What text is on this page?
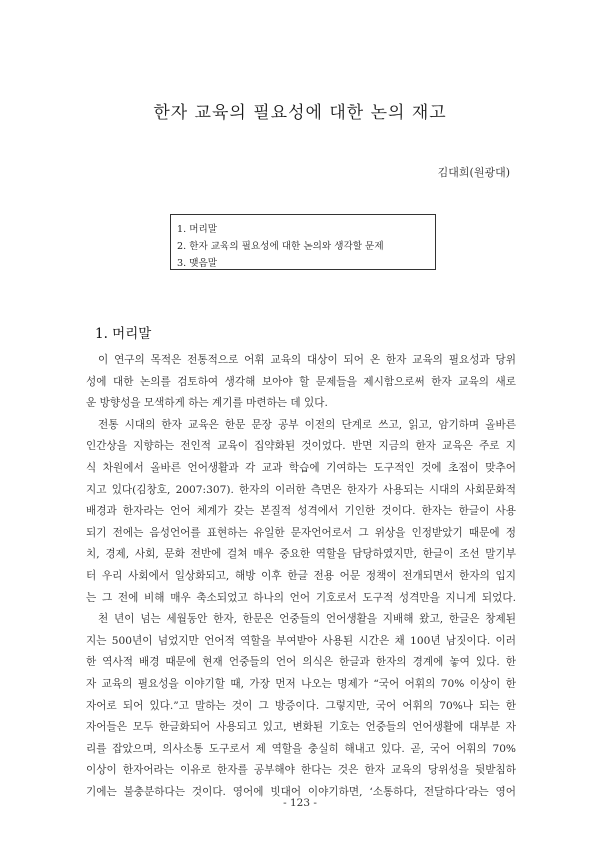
한자 교육의 필요성에 대한 논의 재고
김대희(원광대)
1. 머리말
2. 한자 교육의 필요성에 대한 논의와 생각할 문제
3. 맺음말
1. 머리말
이 연구의 목적은 전통적으로 어휘 교육의 대상이 되어 온 한자 교육의 필요성과 당위
성에 대한 논의를 검토하여 생각해 보아야 할 문제들을 제시함으로써 한자 교육의 새로
운 방향성을 모색하게 하는 계기를 마련하는 데 있다.
전통 시대의 한자 교육은 한문 문장 공부 이전의 단계로 쓰고, 읽고, 암기하며 올바른
인간상을 지향하는 전인적 교육이 집약화된 것이었다. 반면 지금의 한자 교육은 주로 지
식 차원에서 올바른 언어생활과 각 교과 학습에 기여하는 도구적인 것에 초점이 맞추어
지고 있다(김창호, 2007:307). 한자의 이러한 측면은 한자가 사용되는 시대의 사회문화적
배경과 한자라는 언어 체계가 갖는 본질적 성격에서 기인한 것이다. 한자는 한글이 사용
되기 전에는 음성언어를 표현하는 유일한 문자언어로서 그 위상을 인정받았기 때문에 정
치, 경제, 사회, 문화 전반에 걸쳐 매우 중요한 역할을 담당하였지만, 한글이 조선 말기부
터 우리 사회에서 일상화되고, 해방 이후 한글 전용 어문 정책이 전개되면서 한자의 입지
는 그 전에 비해 매우 축소되었고 하나의 언어 기호로서 도구적 성격만을 지니게 되었다.
천 년이 넘는 세월동안 한자, 한문은 언중들의 언어생활을 지배해 왔고, 한글은 창제된
지는 500년이 넘었지만 언어적 역할을 부여받아 사용된 시간은 채 100년 남짓이다. 이러
한 역사적 배경 때문에 현재 언중들의 언어 의식은 한글과 한자의 경계에 놓여 있다. 한
자 교육의 필요성을 이야기할 때, 가장 먼저 나오는 명제가 “국어 어휘의 70% 이상이 한
자어로 되어 있다.”고 말하는 것이 그 방증이다. 그렇지만, 국어 어휘의 70%나 되는 한
자어들은 모두 한글화되어 사용되고 있고, 변화된 기호는 언중들의 언어생활에 대부분 자
리를 잡았으며, 의사소통 도구로서 제 역할을 충실히 해내고 있다. 곧, 국어 어휘의 70%
이상이 한자어라는 이유로 한자를 공부해야 한다는 것은 한자 교육의 당위성을 뒷받침하
기에는 불충분하다는 것이다. 영어에 빗대어 이야기하면, ‘소통하다, 전달하다’라는 영어
- 123 -
